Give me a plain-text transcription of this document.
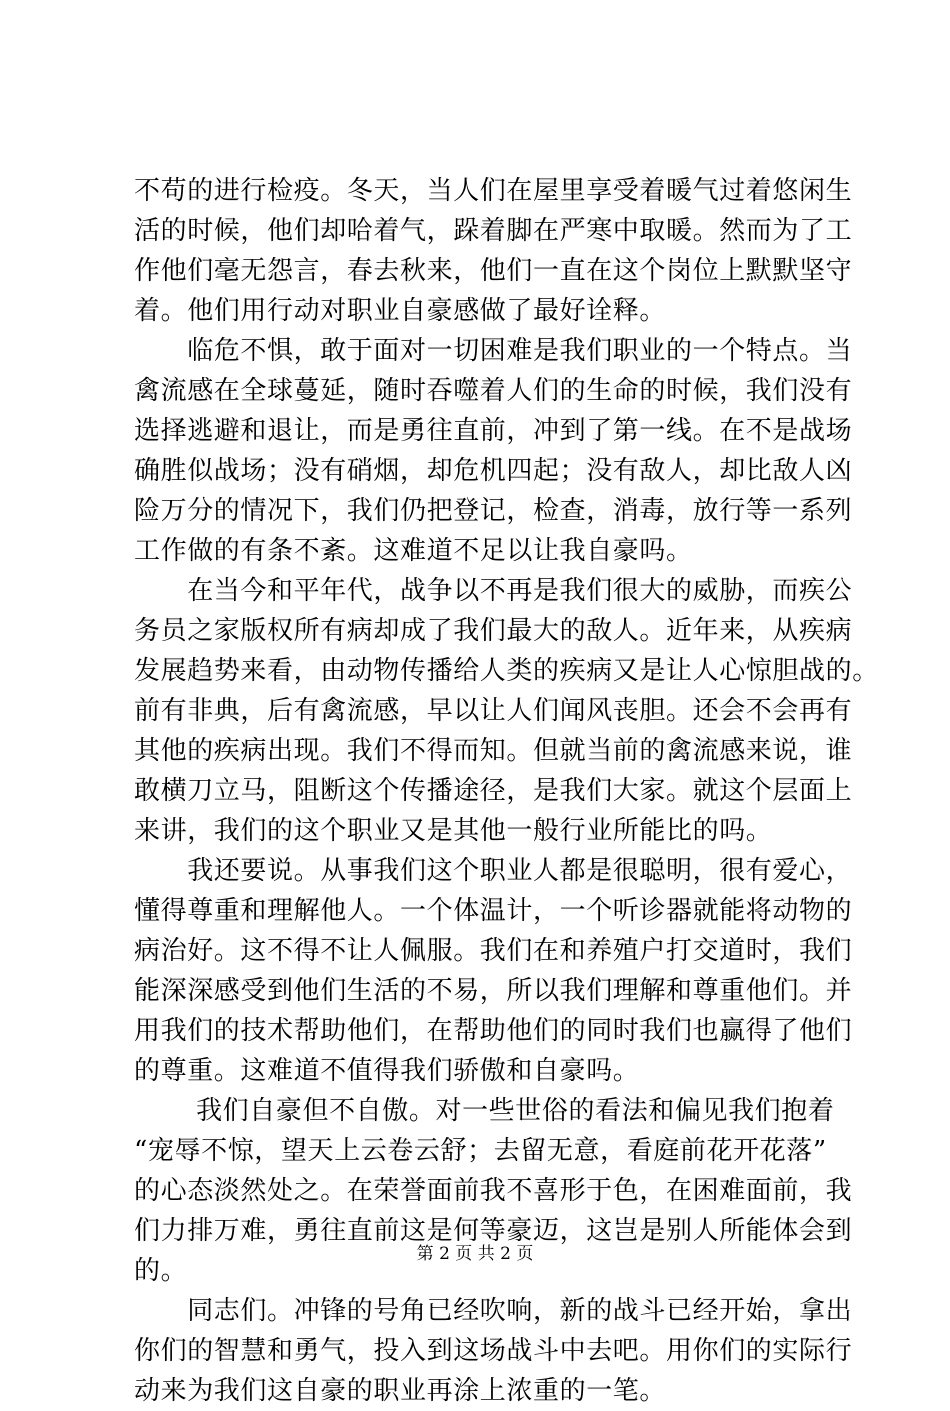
不苟的进行检疫。冬天，当人们在屋里享受着暖气过着悠闲生
活的时候，他们却哈着气，跺着脚在严寒中取暖。然而为了工
作他们毫无怨言，春去秋来，他们一直在这个岗位上默默坚守
着。他们用行动对职业自豪感做了最好诠释。
　　临危不惧，敢于面对一切困难是我们职业的一个特点。当
禽流感在全球蔓延，随时吞噬着人们的生命的时候，我们没有
选择逃避和退让，而是勇往直前，冲到了第一线。在不是战场
确胜似战场；没有硝烟，却危机四起；没有敌人，却比敌人凶
险万分的情况下，我们仍把登记，检查，消毒，放行等一系列
工作做的有条不紊。这难道不足以让我自豪吗。
　　在当今和平年代，战争以不再是我们很大的威胁，而疾公
务员之家版权所有病却成了我们最大的敌人。近年来，从疾病
发展趋势来看，由动物传播给人类的疾病又是让人心惊胆战的。
前有非典，后有禽流感，早以让人们闻风丧胆。还会不会再有
其他的疾病出现。我们不得而知。但就当前的禽流感来说，谁
敢横刀立马，阻断这个传播途径，是我们大家。就这个层面上
来讲，我们的这个职业又是其他一般行业所能比的吗。
　　我还要说。从事我们这个职业人都是很聪明，很有爱心，
懂得尊重和理解他人。一个体温计，一个听诊器就能将动物的
病治好。这不得不让人佩服。我们在和养殖户打交道时，我们
能深深感受到他们生活的不易，所以我们理解和尊重他们。并
用我们的技术帮助他们，在帮助他们的同时我们也赢得了他们
的尊重。这难道不值得我们骄傲和自豪吗。
　　 我们自豪但不自傲。对一些世俗的看法和偏见我们抱着
“宠辱不惊，望天上云卷云舒；去留无意，看庭前花开花落”
的心态淡然处之。在荣誉面前我不喜形于色，在困难面前，我
们力排万难，勇往直前这是何等豪迈，这岂是别人所能体会到
的。
　　同志们。冲锋的号角已经吹响，新的战斗已经开始，拿出
你们的智慧和勇气，投入到这场战斗中去吧。用你们的实际行
动来为我们这自豪的职业再涂上浓重的一笔。
第 2 页 共 2 页
